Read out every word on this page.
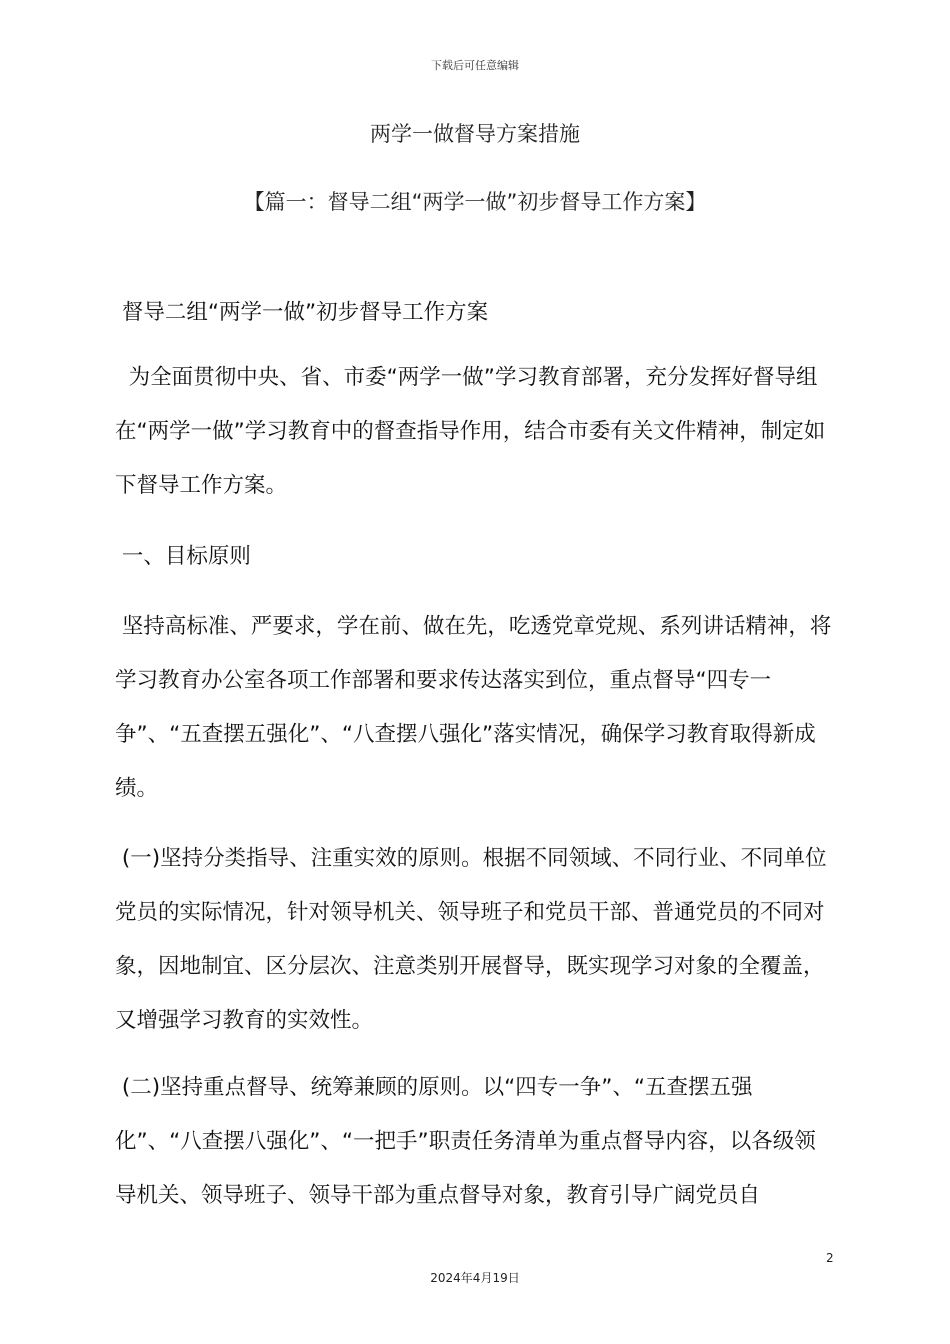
下载后可任意编辑
两学一做督导方案措施
【篇一：督导二组“两学一做”初步督导工作方案】
督导二组“两学一做”初步督导工作方案
为全面贯彻中央、省、市委“两学一做”学习教育部署，充分发挥好督导组在“两学一做”学习教育中的督查指导作用，结合市委有关文件精神，制定如下督导工作方案。
一、目标原则
坚持高标准、严要求，学在前、做在先，吃透党章党规、系列讲话精神，将学习教育办公室各项工作部署和要求传达落实到位，重点督导“四专一争”、“五查摆五强化”、“八查摆八强化”落实情况，确保学习教育取得新成绩。
(一)坚持分类指导、注重实效的原则。根据不同领域、不同行业、不同单位党员的实际情况，针对领导机关、领导班子和党员干部、普通党员的不同对象，因地制宜、区分层次、注意类别开展督导，既实现学习对象的全覆盖，又增强学习教育的实效性。
(二)坚持重点督导、统筹兼顾的原则。以“四专一争”、“五查摆五强化”、“八查摆八强化”、“一把手”职责任务清单为重点督导内容，以各级领导机关、领导班子、领导干部为重点督导对象，教育引导广阔党员自
2
2024年4月19日
